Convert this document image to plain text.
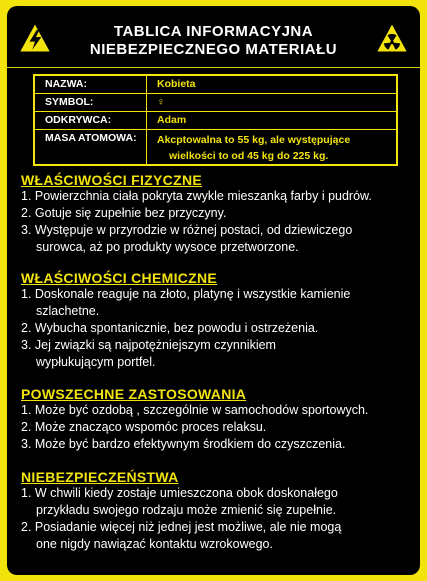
TABLICA INFORMACYJNA
NIEBEZPIECZNEGO MATERIAŁU
NAZWA:	Kobieta
SYMBOL:	♀
ODKRYWCA:	Adam
MASA ATOMOWA:	Akcptowalna to 55 kg, ale występujące
wielkości to od 45 kg do 225 kg.

WŁAŚCIWOŚCI FIZYCZNE

1. Powierzchnia ciała pokryta zwykle mieszanką farby i pudrów.

2. Gotuje się zupełnie bez przyczyny.

3. Występuje w przyrodzie w różnej postaci, od dziewiczego
surowca, aż po produkty wysoce przetworzone.

WŁAŚCIWOŚCI CHEMICZNE

1. Doskonale reaguje na złoto, platynę i wszystkie kamienie
szlachetne.

2. Wybucha spontanicznie, bez powodu i ostrzeżenia.

3. Jej związki są najpotężniejszym czynnikiem
wypłukującym portfel.

POWSZECHNE ZASTOSOWANIA

1. Może być ozdobą , szczególnie w samochodów sportowych.

2. Może znacząco wspomóc proces relaksu.

3. Może być bardzo efektywnym środkiem do czyszczenia.

NIEBEZPIECZEŃSTWA

1. W chwili kiedy zostaje umieszczona obok doskonałego
przykładu swojego rodzaju może zmienić się zupełnie.

2. Posiadanie więcej niż jednej jest możliwe, ale nie mogą
one nigdy nawiązać kontaktu wzrokowego.
